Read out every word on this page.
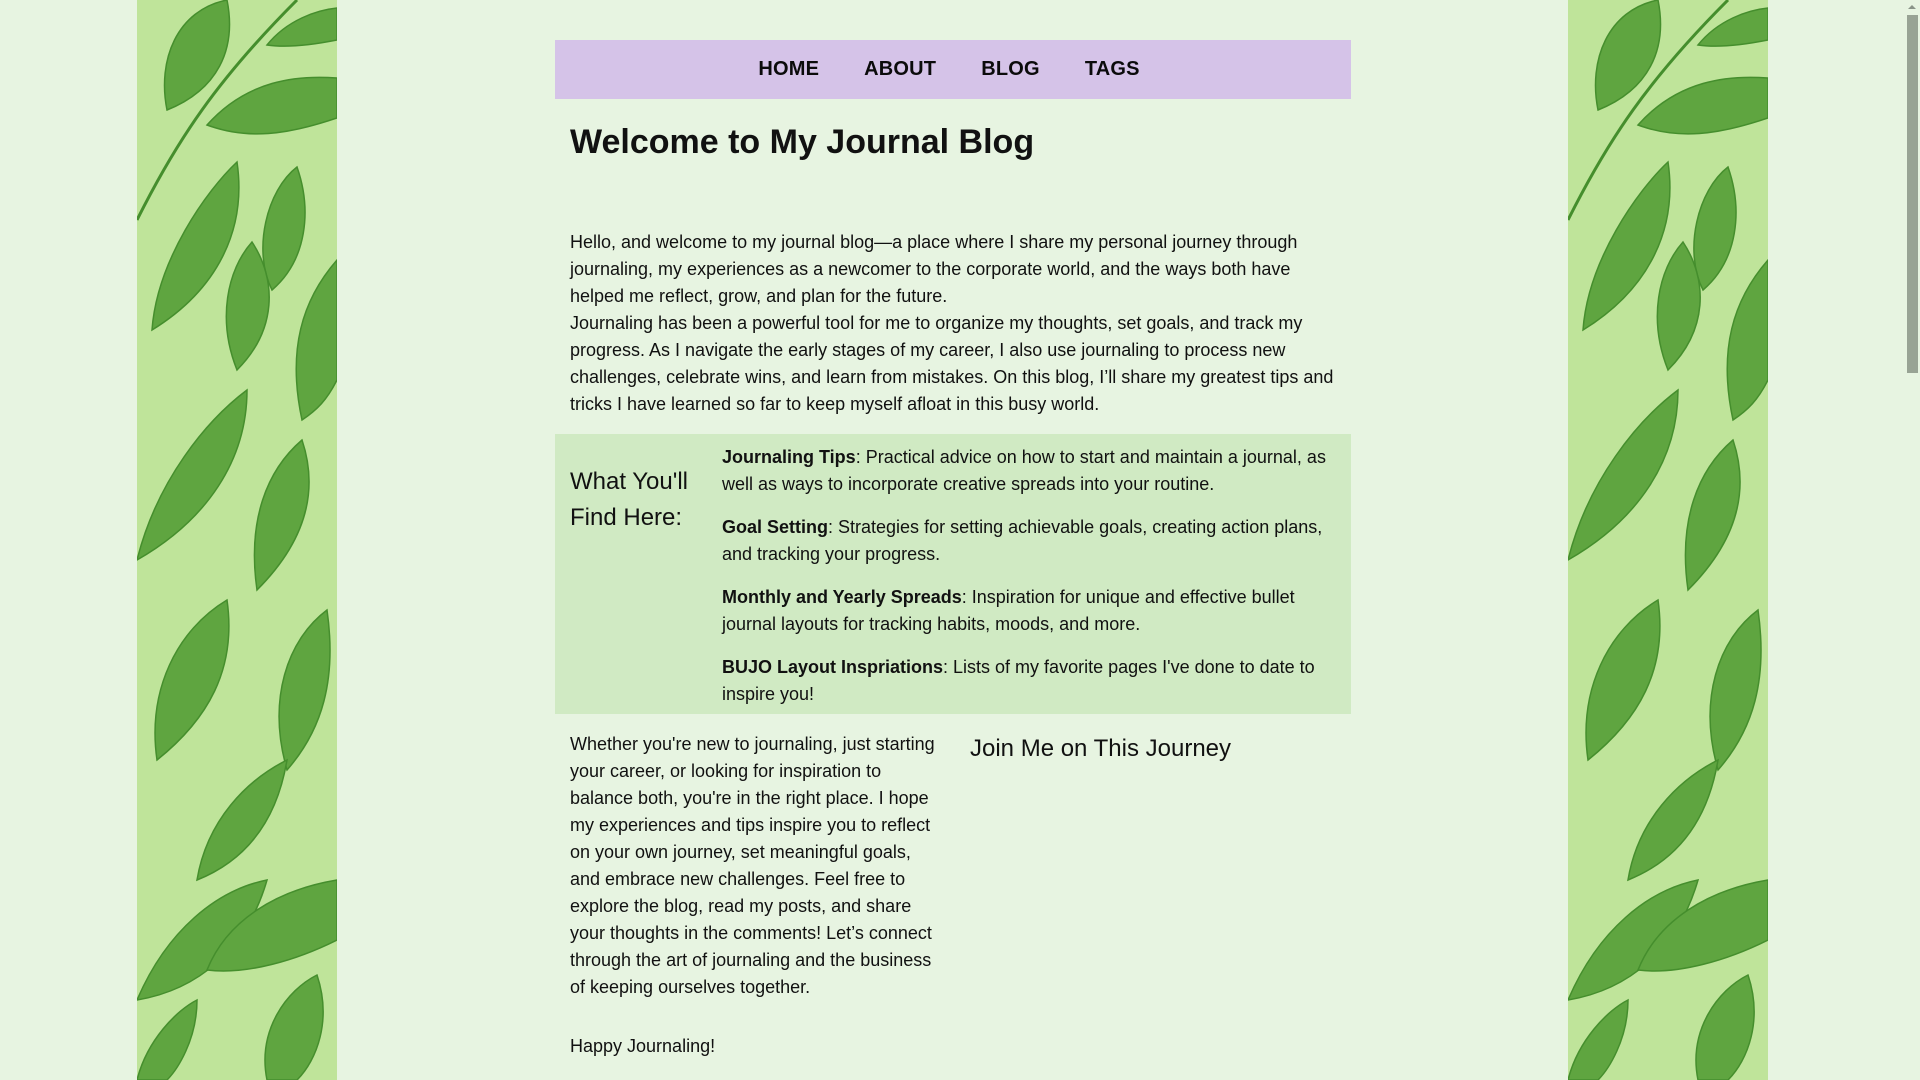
HOME ABOUT BLOG TAGS
Welcome to My Journal Blog

Hello, and welcome to my journal blog—a place where I share my personal journey through journaling, my experiences as a newcomer to the corporate world, and the ways both have helped me reflect, grow, and plan for the future.

Journaling has been a powerful tool for me to organize my thoughts, set goals, and track my progress. As I navigate the early stages of my career, I also use journaling to process new challenges, celebrate wins, and learn from mistakes. On this blog, I’ll share my greatest tips and tricks I have learned so far to keep myself afloat in this busy world.

What You'll Find Here:
Journaling Tips: Practical advice on how to start and maintain a journal, as well as ways to incorporate creative spreads into your routine.
Goal Setting: Strategies for setting achievable goals, creating action plans, and tracking your progress.
Monthly and Yearly Spreads: Inspiration for unique and effective bullet journal layouts for tracking habits, moods, and more.
BUJO Layout Inspriations: Lists of my favorite pages I've done to date to inspire you!

Whether you're new to journaling, just starting your career, or looking for inspiration to balance both, you're in the right place. I hope my experiences and tips inspire you to reflect on your own journey, set meaningful goals, and embrace new challenges. Feel free to explore the blog, read my posts, and share your thoughts in the comments! Let’s connect through the art of journaling and the business of keeping ourselves together.

Happy Journaling!

Join Me on This Journey
